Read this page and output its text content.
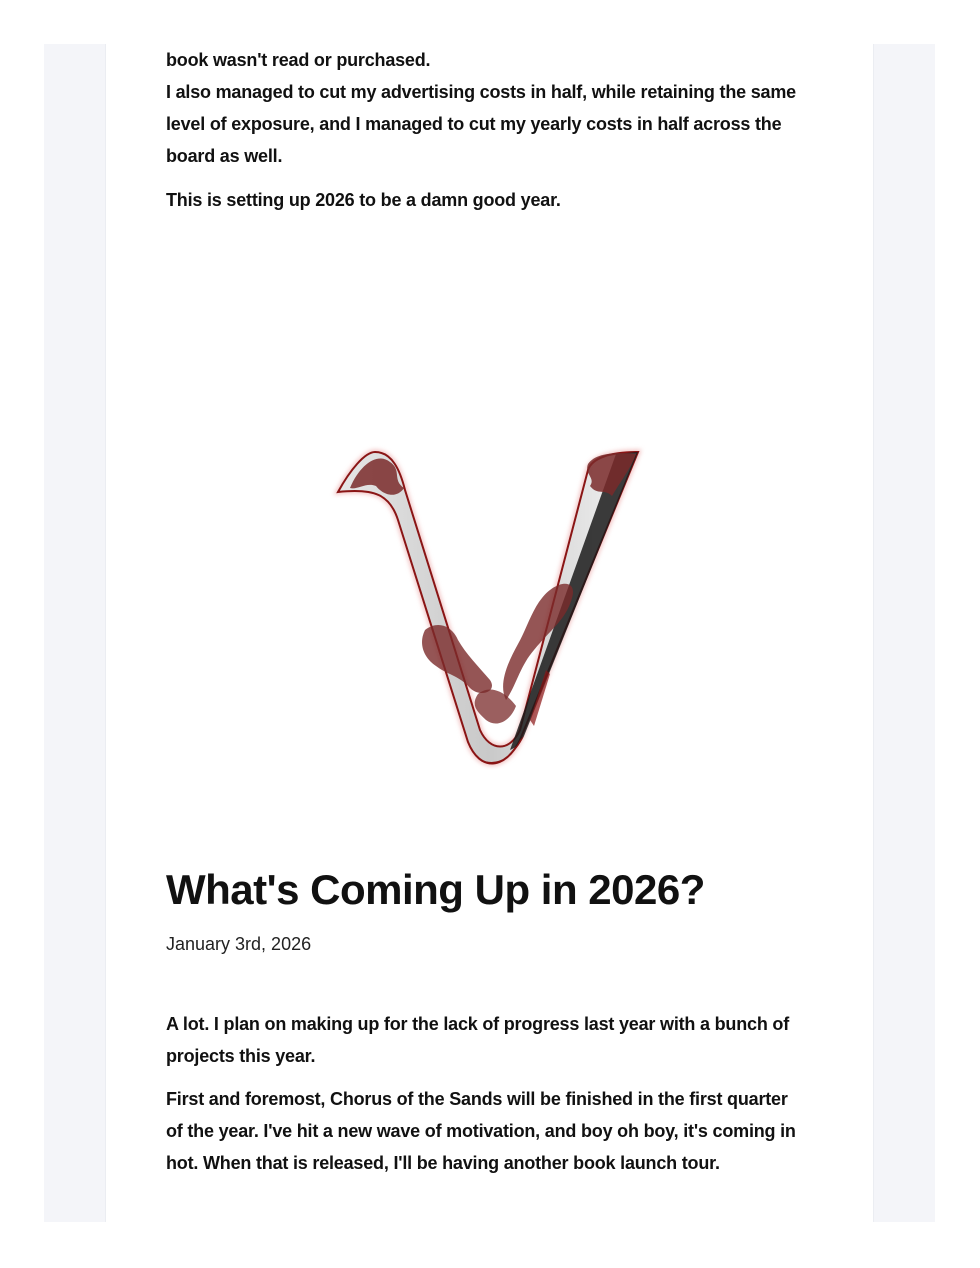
book wasn't read or purchased.

I also managed to cut my advertising costs in half, while retaining the same level of exposure, and I managed to cut my yearly costs in half across the board as well.

This is setting up 2026 to be a damn good year.

What's Coming Up in 2026?

January 3rd, 2026

A lot. I plan on making up for the lack of progress last year with a bunch of projects this year.

First and foremost, Chorus of the Sands will be finished in the first quarter of the year. I've hit a new wave of motivation, and boy oh boy, it's coming in hot. When that is released, I'll be having another book launch tour.
